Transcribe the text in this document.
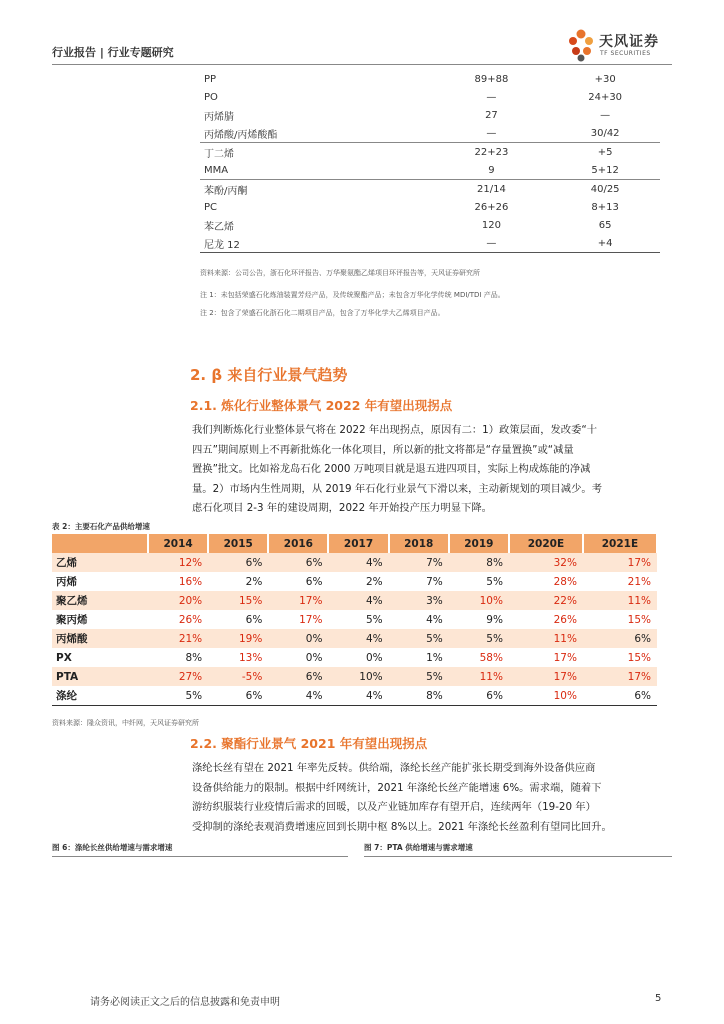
行业报告 | 行业专题研究
天风证券
TF SECURITIES
PP	89+88	+30
PO	—	24+30
丙烯腈	27	—
丙烯酸/丙烯酸酯	—	30/42
丁二烯	22+23	+5
MMA	9	5+12
苯酚/丙酮	21/14	40/25
PC	26+26	8+13
苯乙烯	120	65
尼龙 12	—	+4
资料来源：公司公告，浙石化环评报告、万华聚氨酯乙烯项目环评报告等，天风证券研究所
注 1：未包括荣盛石化炼油装置芳烃产品，及传统聚酯产品；未包含万华化学传统 MDI/TDI 产品。
注 2：包含了荣盛石化浙石化二期项目产品，包含了万华化学大乙烯项目产品。
2. β 来自行业景气趋势
2.1. 炼化行业整体景气 2022 年有望出现拐点
我们判断炼化行业整体景气将在 2022 年出现拐点，原因有二：1）政策层面，发改委“十
四五”期间原则上不再新批炼化一体化项目，所以新的批文将都是“存量置换”或“减量
置换”批文。比如裕龙岛石化 2000 万吨项目就是退五进四项目，实际上构成炼能的净减
量。2）市场内生性周期，从 2019 年石化行业景气下滑以来，主动新规划的项目减少。考
虑石化项目 2-3 年的建设周期，2022 年开始投产压力明显下降。
表 2：主要石化产品供给增速
	2014	2015	2016	2017	2018	2019	2020E	2021E
乙烯	12%	6%	6%	4%	7%	8%	32%	17%
丙烯	16%	2%	6%	2%	7%	5%	28%	21%
聚乙烯	20%	15%	17%	4%	3%	10%	22%	11%
聚丙烯	26%	6%	17%	5%	4%	9%	26%	15%
丙烯酸	21%	19%	0%	4%	5%	5%	11%	6%
PX	8%	13%	0%	0%	1%	58%	17%	15%
PTA	27%	-5%	6%	10%	5%	11%	17%	17%
涤纶	5%	6%	4%	4%	8%	6%	10%	6%
资料来源：隆众资讯，中纤网，天风证券研究所
2.2. 聚酯行业景气 2021 年有望出现拐点
涤纶长丝有望在 2021 年率先反转。供给端，涤纶长丝产能扩张长期受到海外设备供应商
设备供给能力的限制。根据中纤网统计，2021 年涤纶长丝产能增速 6%。需求端，随着下
游纺织服装行业疫情后需求的回暖，以及产业链加库存有望开启，连续两年（19-20 年）
受抑制的涤纶表观消费增速应回到长期中枢 8%以上。2021 年涤纶长丝盈利有望同比回升。
图 6：涤纶长丝供给增速与需求增速	图 7：PTA 供给增速与需求增速
请务必阅读正文之后的信息披露和免责申明	5
